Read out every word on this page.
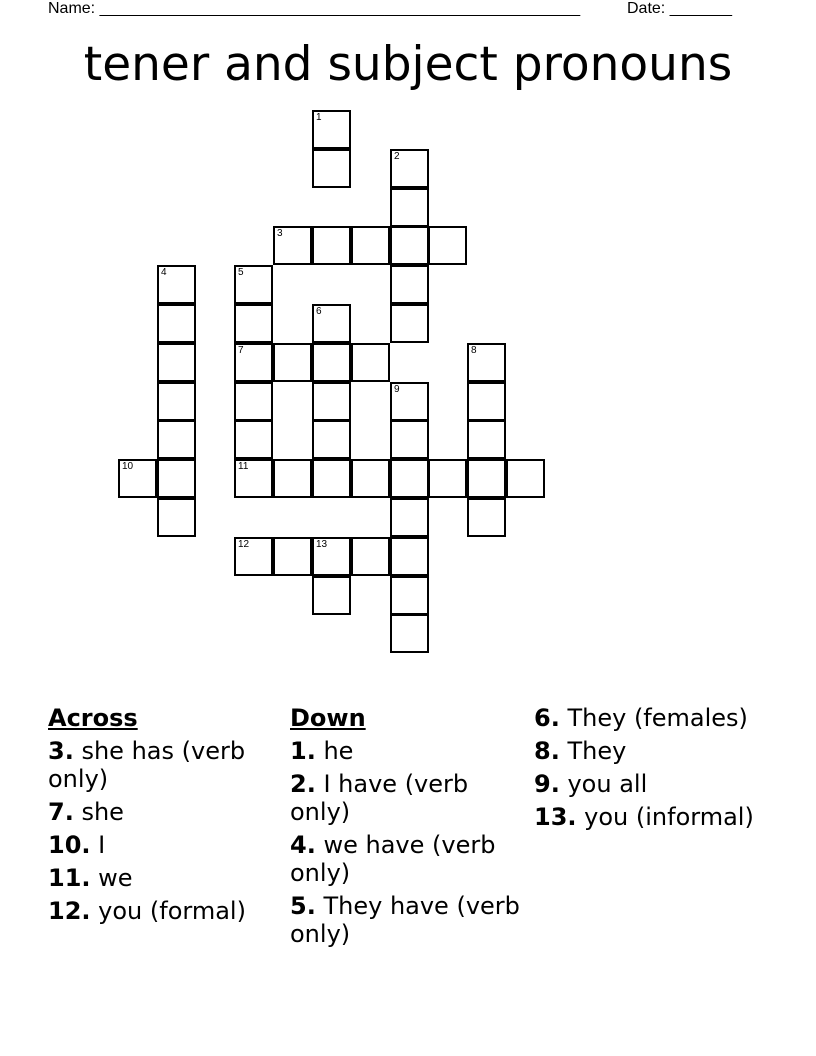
Name: ______________________________________________________	Date: _______
tener and subject pronouns
1
2
3
4	5
7
6
8
9
10	11
12	13
Across
3. she has (verb only)
7. she
10. I
11. we
12. you (formal)
Down
1. he
2. I have (verb only)
4. we have (verb only)
5. They have (verb only)
6. They (females)
8. They
9. you all
13. you (informal)
